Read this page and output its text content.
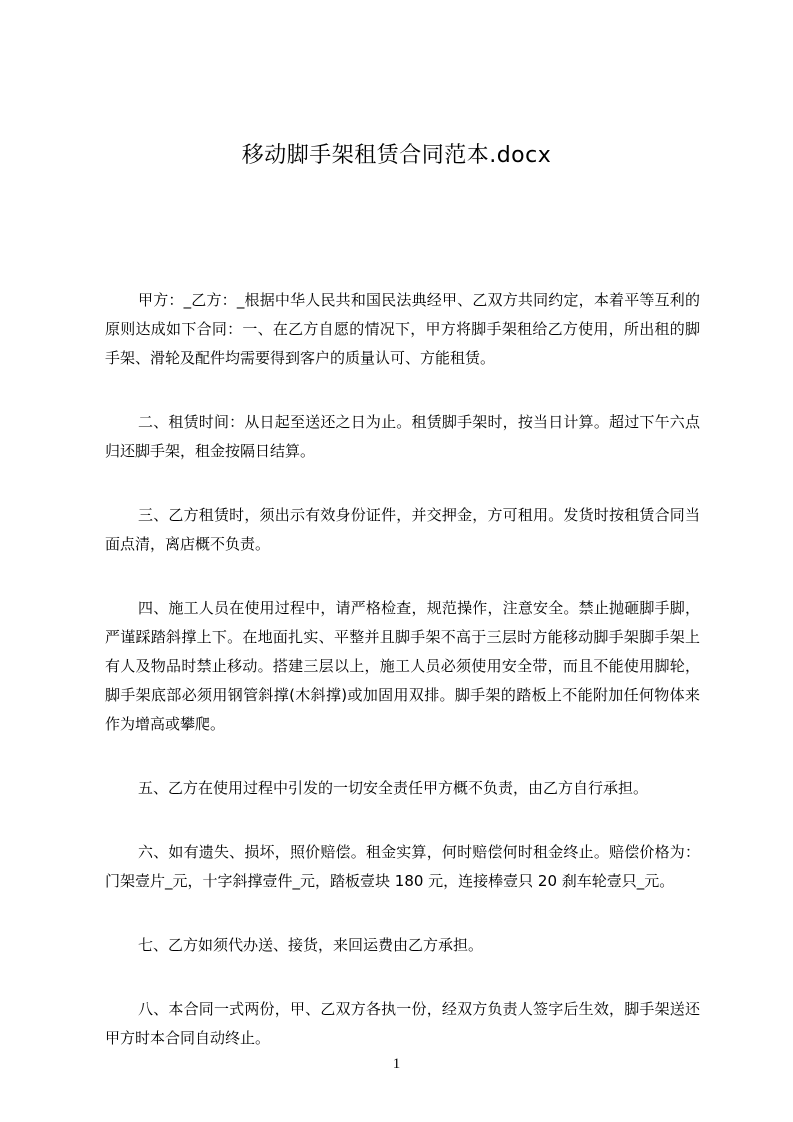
移动脚手架租赁合同范本.docx

甲方：_乙方：_根据中华人民共和国民法典经甲、乙双方共同约定，本着平等互利的原则达成如下合同：一、在乙方自愿的情况下，甲方将脚手架租给乙方使用，所出租的脚手架、滑轮及配件均需要得到客户的质量认可、方能租赁。

二、租赁时间：从日起至送还之日为止。租赁脚手架时，按当日计算。超过下午六点归还脚手架，租金按隔日结算。

三、乙方租赁时，须出示有效身份证件，并交押金，方可租用。发货时按租赁合同当面点清，离店概不负责。

四、施工人员在使用过程中，请严格检查，规范操作，注意安全。禁止抛砸脚手脚，严谨踩踏斜撑上下。在地面扎实、平整并且脚手架不高于三层时方能移动脚手架脚手架上有人及物品时禁止移动。搭建三层以上，施工人员必须使用安全带，而且不能使用脚轮，脚手架底部必须用钢管斜撑(木斜撑)或加固用双排。脚手架的踏板上不能附加任何物体来作为增高或攀爬。

五、乙方在使用过程中引发的一切安全责任甲方概不负责，由乙方自行承担。

六、如有遗失、损坏，照价赔偿。租金实算，何时赔偿何时租金终止。赔偿价格为：门架壹片_元，十字斜撑壹件_元，踏板壹块 180 元，连接棒壹只 20 刹车轮壹只_元。

七、乙方如须代办送、接货，来回运费由乙方承担。

八、本合同一式两份，甲、乙双方各执一份，经双方负责人签字后生效，脚手架送还甲方时本合同自动终止。

1
